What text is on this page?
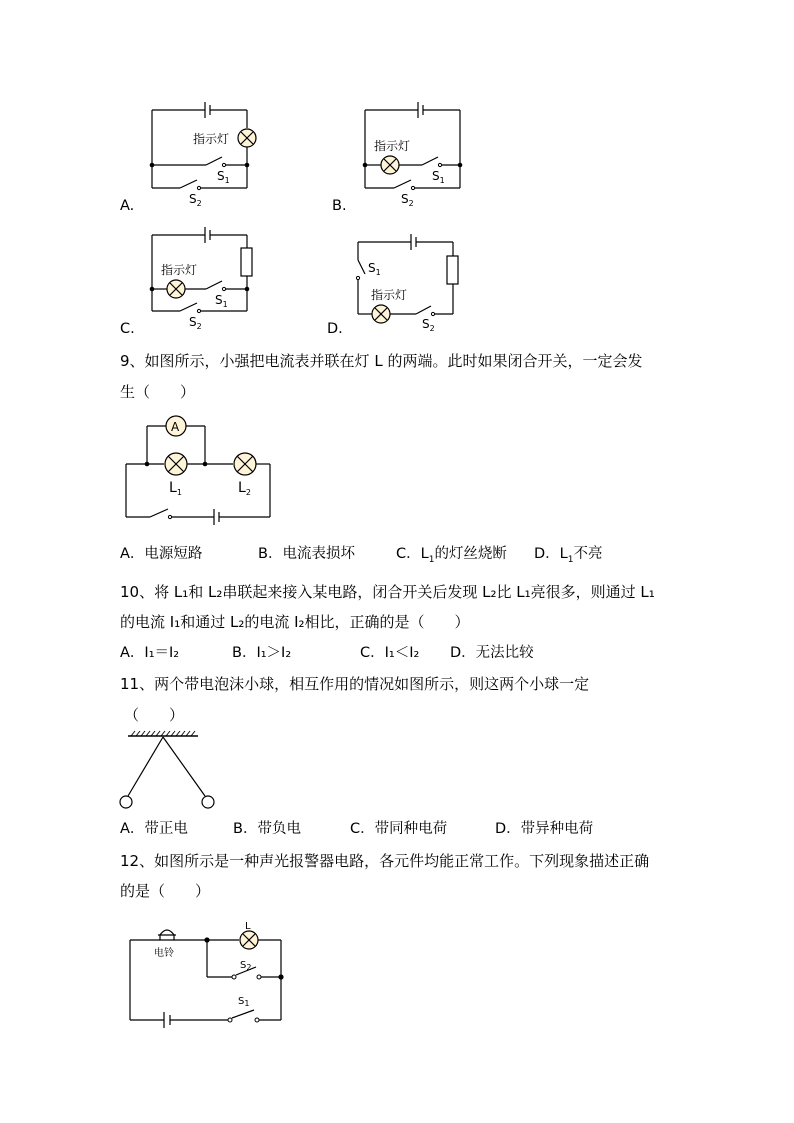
A.	B.
C.	D.
指示灯
$S_1$
$S_2$
指示灯
$S_1$
$S_2$
指示灯
$S_1$
$S_2$
$S_1$
指示灯
$S_2$
9、如图所示，小强把电流表并联在灯 L 的两端。此时如果闭合开关，一定会发
生（　　）
A
$L_1$	$L_2$
A．电源短路	B．电流表损坏	C．$L_1$的灯丝烧断 D．$L_1$不亮
10、将 L₁和 L₂串联起来接入某电路，闭合开关后发现 L₂比 L₁亮很多，则通过 L₁
的电流 I₁和通过 L₂的电流 I₂相比，正确的是（　　）
A．I₁＝I₂	B．I₁＞I₂	C．I₁＜I₂ D．无法比较
11、两个带电泡沫小球，相互作用的情况如图所示，则这两个小球一定
（　　）
A．带正电	B．带负电	C．带同种电荷	D．带异种电荷
12、如图所示是一种声光报警器电路，各元件均能正常工作。下列现象描述正确
的是（　　）
电铃
L
$S_2$
$S_1$
